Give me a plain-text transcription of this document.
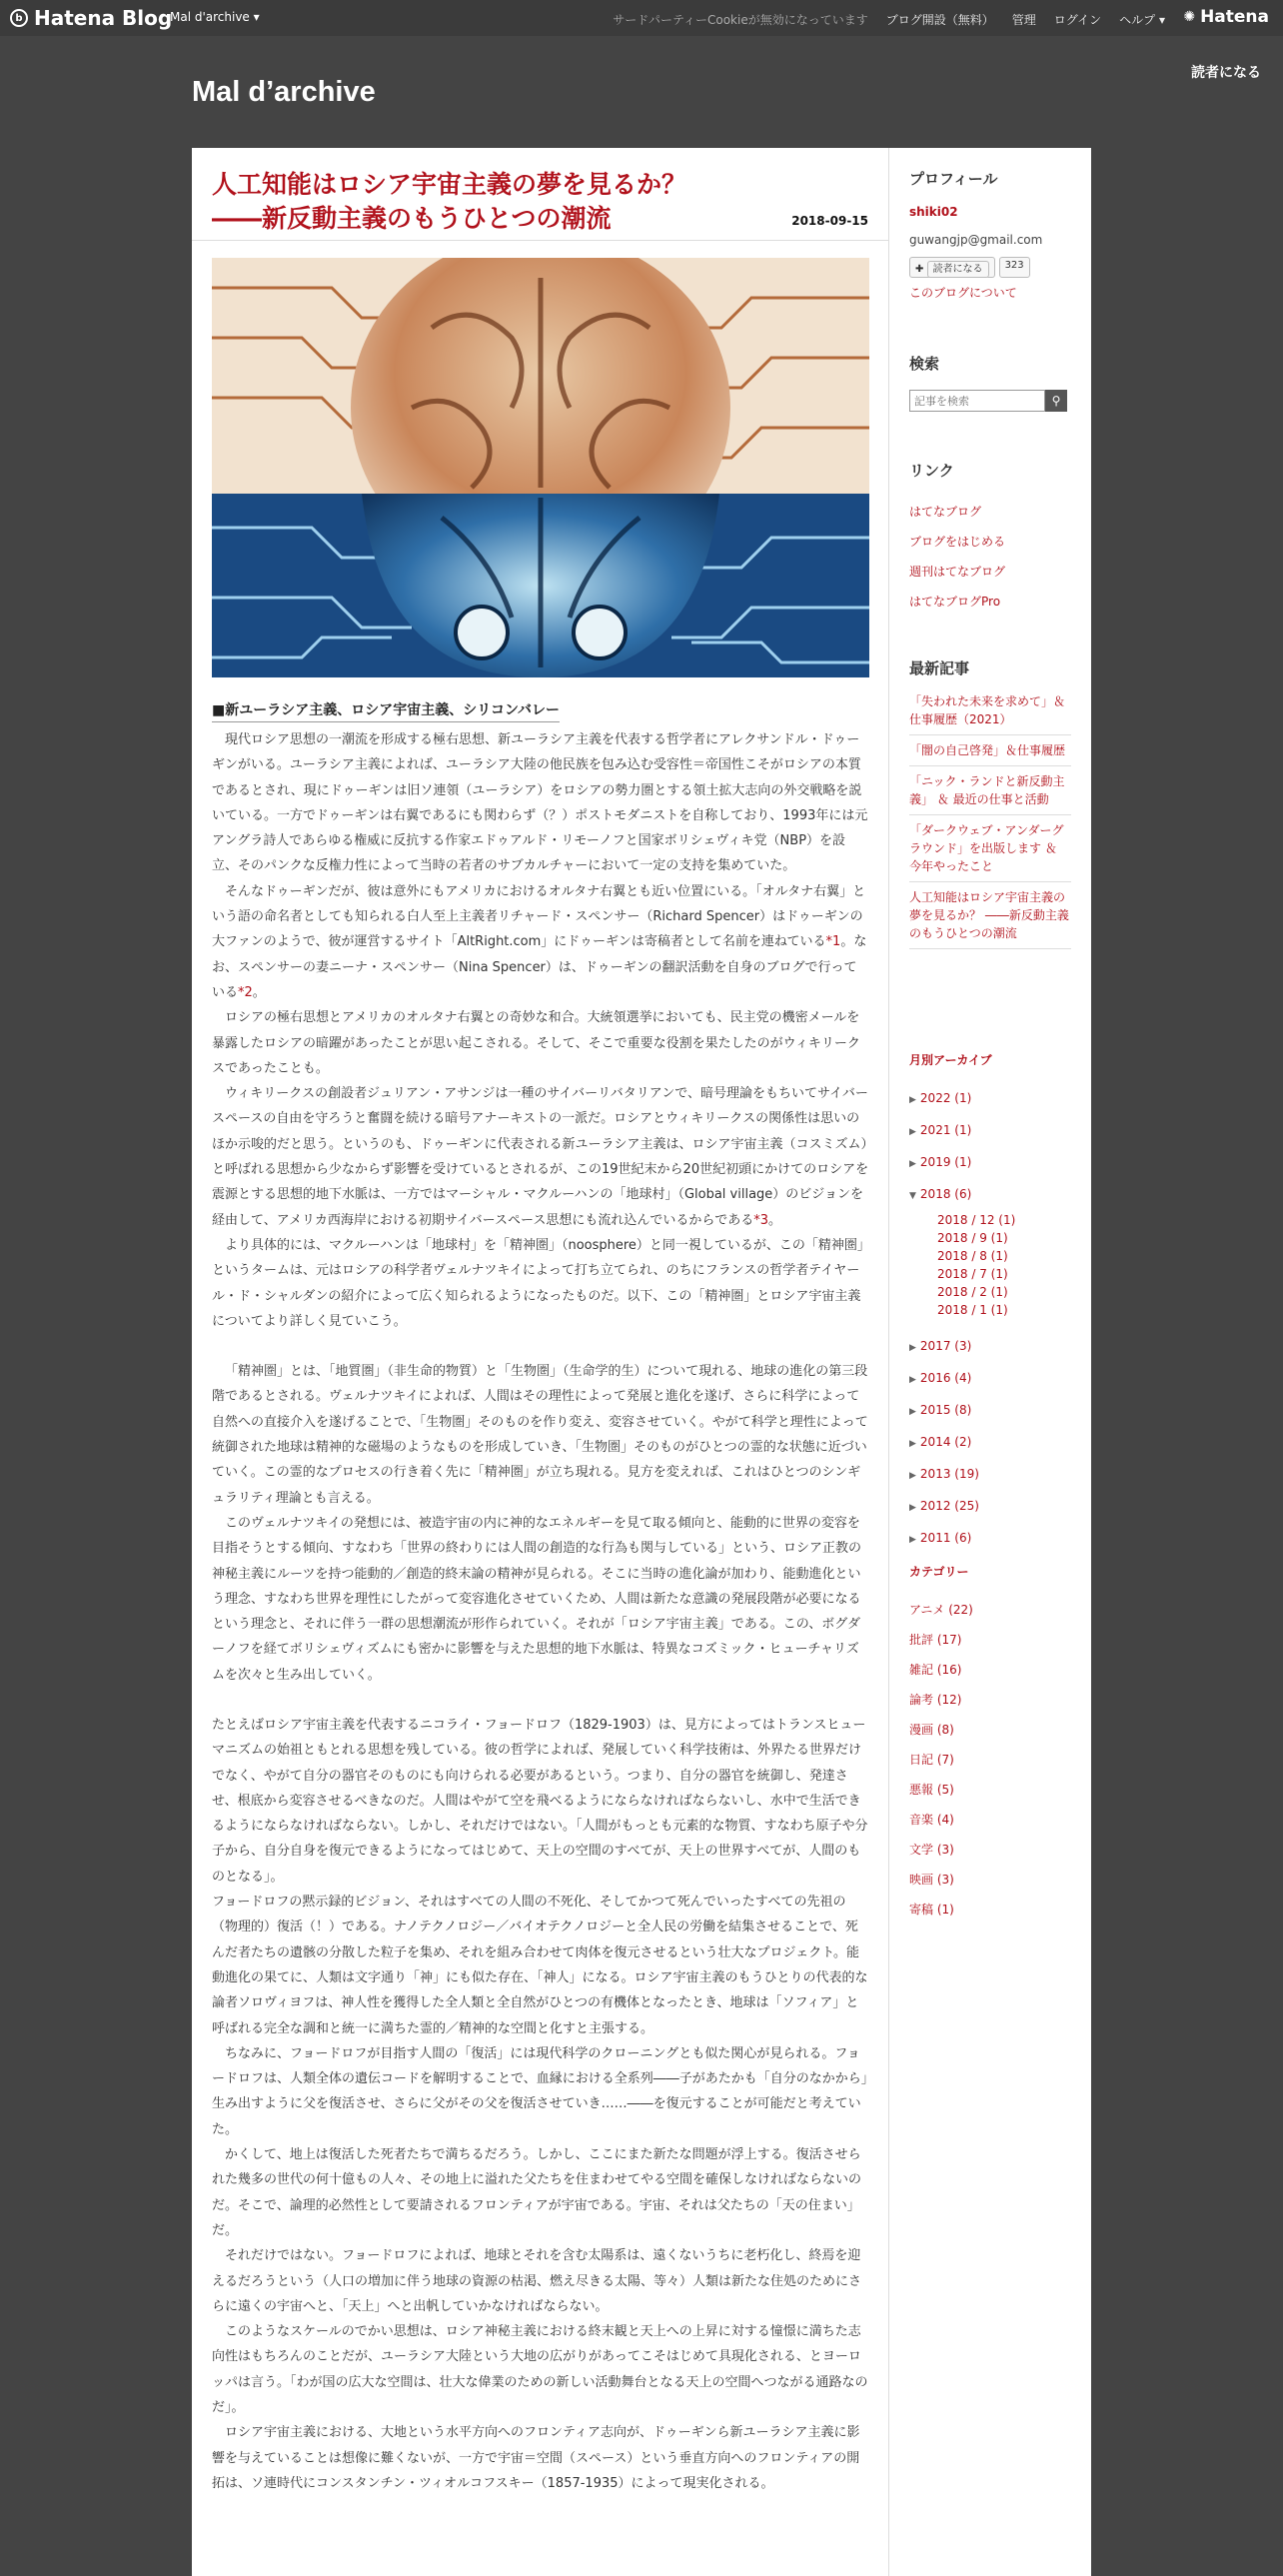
b Hatena Blog
Mal d'archive ▾	サードパーティーCookieが無効になっています ブログ開設（無料） 管理 ログイン ヘルプ ▾ ✺ Hatena
Mal d’archive
読者になる
人工知能はロシア宇宙主義の夢を見るか？　――新反動主義のもうひとつの潮流	2018-09-15
■新ユーラシア主義、ロシア宇宙主義、シリコンバレー

現代ロシア思想の一潮流を形成する極右思想、新ユーラシア主義を代表する哲学者にアレクサンドル・ドゥーギンがいる。ユーラシア主義によれば、ユーラシア大陸の他民族を包み込む受容性＝帝国性こそがロシアの本質であるとされ、現にドゥーギンは旧ソ連領（ユーラシア）をロシアの勢力圏とする領土拡大志向の外交戦略を説いている。一方でドゥーギンは右翼であるにも関わらず（？）ポストモダニストを自称しており、1993年には元アングラ詩人であらゆる権威に反抗する作家エドゥアルド・リモーノフと国家ボリシェヴィキ党（NBP）を設立、そのパンクな反権力性によって当時の若者のサブカルチャーにおいて一定の支持を集めていた。

そんなドゥーギンだが、彼は意外にもアメリカにおけるオルタナ右翼とも近い位置にいる。「オルタナ右翼」という語の命名者としても知られる白人至上主義者リチャード・スペンサー（Richard Spencer）はドゥーギンの大ファンのようで、彼が運営するサイト「AltRight.com」にドゥーギンは寄稿者として名前を連ねている*1。なお、スペンサーの妻ニーナ・スペンサー（Nina Spencer）は、ドゥーギンの翻訳活動を自身のブログで行っている*2。

ロシアの極右思想とアメリカのオルタナ右翼との奇妙な和合。大統領選挙においても、民主党の機密メールを暴露したロシアの暗躍があったことが思い起こされる。そして、そこで重要な役割を果たしたのがウィキリークスであったことも。

ウィキリークスの創設者ジュリアン・アサンジは一種のサイバーリバタリアンで、暗号理論をもちいてサイバースペースの自由を守ろうと奮闘を続ける暗号アナーキストの一派だ。ロシアとウィキリークスの関係性は思いのほか示唆的だと思う。というのも、ドゥーギンに代表される新ユーラシア主義は、ロシア宇宙主義（コスミズム）と呼ばれる思想から少なからず影響を受けているとされるが、この19世紀末から20世紀初頭にかけてのロシアを震源とする思想的地下水脈は、一方ではマーシャル・マクルーハンの「地球村」（Global village）のビジョンを経由して、アメリカ西海岸における初期サイバースペース思想にも流れ込んでいるからである*3。

より具体的には、マクルーハンは「地球村」を「精神圏」（noosphere）と同一視しているが、この「精神圏」というタームは、元はロシアの科学者ヴェルナツキイによって打ち立てられ、のちにフランスの哲学者テイヤール・ド・シャルダンの紹介によって広く知られるようになったものだ。以下、この「精神圏」とロシア宇宙主義についてより詳しく見ていこう。

「精神圏」とは、「地質圏」（非生命的物質）と「生物圏」（生命学的生）について現れる、地球の進化の第三段階であるとされる。ヴェルナツキイによれば、人間はその理性によって発展と進化を遂げ、さらに科学によって自然への直接介入を遂げることで、「生物圏」そのものを作り変え、変容させていく。やがて科学と理性によって統御された地球は精神的な磁場のようなものを形成していき、「生物圏」そのものがひとつの霊的な状態に近づいていく。この霊的なプロセスの行き着く先に「精神圏」が立ち現れる。見方を変えれば、これはひとつのシンギュラリティ理論とも言える。

このヴェルナツキイの発想には、被造宇宙の内に神的なエネルギーを見て取る傾向と、能動的に世界の変容を目指そうとする傾向、すなわち「世界の終わりには人間の創造的な行為も関与している」という、ロシア正教の神秘主義にルーツを持つ能動的／創造的終末論の精神が見られる。そこに当時の進化論が加わり、能動進化という理念、すなわち世界を理性にしたがって変容進化させていくため、人間は新たな意識の発展段階が必要になるという理念と、それに伴う一群の思想潮流が形作られていく。それが「ロシア宇宙主義」である。この、ボグダーノフを経てボリシェヴィズムにも密かに影響を与えた思想的地下水脈は、特異なコズミック・ヒューチャリズムを次々と生み出していく。

たとえばロシア宇宙主義を代表するニコライ・フョードロフ（1829-1903）は、見方によってはトランスヒューマニズムの始祖ともとれる思想を残している。彼の哲学によれば、発展していく科学技術は、外界たる世界だけでなく、やがて自分の器官そのものにも向けられる必要があるという。つまり、自分の器官を統御し、発達させ、根底から変容させるべきなのだ。人間はやがて空を飛べるようにならなければならないし、水中で生活できるようにならなければならない。しかし、それだけではない。「人間がもっとも元素的な物質、すなわち原子や分子から、自分自身を復元できるようになってはじめて、天上の空間のすべてが、天上の世界すべてが、人間のものとなる」。

フョードロフの黙示録的ビジョン、それはすべての人間の不死化、そしてかつて死んでいったすべての先祖の（物理的）復活（！）である。ナノテクノロジー／バイオテクノロジーと全人民の労働を結集させることで、死んだ者たちの遺骸の分散した粒子を集め、それを組み合わせて肉体を復元させるという壮大なプロジェクト。能動進化の果てに、人類は文字通り「神」にも似た存在、「神人」になる。ロシア宇宙主義のもうひとりの代表的な論者ソロヴィヨフは、神人性を獲得した全人類と全自然がひとつの有機体となったとき、地球は「ソフィア」と呼ばれる完全な調和と統一に満ちた霊的／精神的な空間と化すと主張する。

ちなみに、フョードロフが目指す人間の「復活」には現代科学のクローニングとも似た関心が見られる。フョードロフは、人類全体の遺伝コードを解明することで、血縁における全系列――子があたかも「自分のなかから」生み出すように父を復活させ、さらに父がその父を復活させていき……――を復元することが可能だと考えていた。

かくして、地上は復活した死者たちで満ちるだろう。しかし、ここにまた新たな問題が浮上する。復活させられた幾多の世代の何十億もの人々、その地上に溢れた父たちを住まわせてやる空間を確保しなければならないのだ。そこで、論理的必然性として要請されるフロンティアが宇宙である。宇宙、それは父たちの「天の住まい」だ。

それだけではない。フョードロフによれば、地球とそれを含む太陽系は、遠くないうちに老朽化し、終焉を迎えるだろうという（人口の増加に伴う地球の資源の枯渇、燃え尽きる太陽、等々）人類は新たな住処のためにさらに遠くの宇宙へと、「天上」へと出帆していかなければならない。

このようなスケールのでかい思想は、ロシア神秘主義における終末観と天上への上昇に対する憧憬に満ちた志向性はもちろんのことだが、ユーラシア大陸という大地の広がりがあってこそはじめて具現化される、とヨーロッパは言う。「わが国の広大な空間は、壮大な偉業のための新しい活動舞台となる天上の空間へつながる通路なのだ」。

ロシア宇宙主義における、大地という水平方向へのフロンティア志向が、ドゥーギンら新ユーラシア主義に影響を与えていることは想像に難くないが、一方で宇宙＝空間（スペース）という垂直方向へのフロンティアの開拓は、ソ連時代にコンスタンチン・ツィオルコフスキー（1857-1935）によって現実化される。

プロフィール
shiki02
guwangjp@gmail.com
✚ 読者になる	323
このブログについて
検索
記事を検索
⚲
リンク
はてなブログ
ブログをはじめる
週刊はてなブログ
はてなブログPro
最新記事
「失われた未来を求めて」＆仕事履歴（2021）
「闇の自己啓発」＆仕事履歴
「ニック・ランドと新反動主義」 ＆ 最近の仕事と活動
「ダークウェブ・アンダーグラウンド」を出版します ＆ 今年やったこと
人工知能はロシア宇宙主義の夢を見るか？ ――新反動主義のもうひとつの潮流
月別アーカイブ
▶ 2022 (1)
▶ 2021 (1)
▶ 2019 (1)
▼ 2018 (6)
2018 / 12 (1)
2018 / 9 (1)
2018 / 8 (1)
2018 / 7 (1)
2018 / 2 (1)
2018 / 1 (1)
▶ 2017 (3)
▶ 2016 (4)
▶ 2015 (8)
▶ 2014 (2)
▶ 2013 (19)
▶ 2012 (25)
▶ 2011 (6)
カテゴリー
アニメ (22)
批評 (17)
雑記 (16)
論考 (12)
漫画 (8)
日記 (7)
悪報 (5)
音楽 (4)
文学 (3)
映画 (3)
寄稿 (1)
